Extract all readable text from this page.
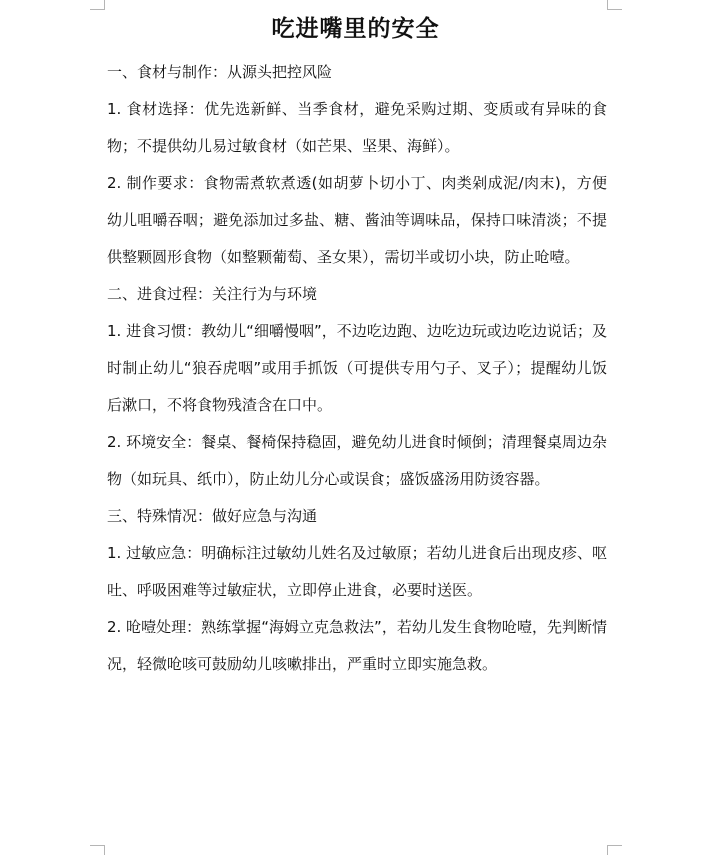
吃进嘴里的安全

一、食材与制作：从源头把控风险

1. 食材选择：优先选新鲜、当季食材，避免采购过期、变质或有异味的食物；不提供幼儿易过敏食材（如芒果、坚果、海鲜）。

2. 制作要求：食物需煮软煮透(如胡萝卜切小丁、肉类剁成泥/肉末)，方便幼儿咀嚼吞咽；避免添加过多盐、糖、酱油等调味品，保持口味清淡；不提供整颗圆形食物（如整颗葡萄、圣女果），需切半或切小块，防止呛噎。

二、进食过程：关注行为与环境

1. 进食习惯：教幼儿“细嚼慢咽”，不边吃边跑、边吃边玩或边吃边说话；及时制止幼儿“狼吞虎咽”或用手抓饭（可提供专用勺子、叉子）；提醒幼儿饭后漱口，不将食物残渣含在口中。

2. 环境安全：餐桌、餐椅保持稳固，避免幼儿进食时倾倒；清理餐桌周边杂物（如玩具、纸巾），防止幼儿分心或误食；盛饭盛汤用防烫容器。

三、特殊情况：做好应急与沟通

1. 过敏应急：明确标注过敏幼儿姓名及过敏原；若幼儿进食后出现皮疹、呕吐、呼吸困难等过敏症状，立即停止进食，必要时送医。

2. 呛噎处理：熟练掌握“海姆立克急救法”，若幼儿发生食物呛噎，先判断情况，轻微呛咳可鼓励幼儿咳嗽排出，严重时立即实施急救。
